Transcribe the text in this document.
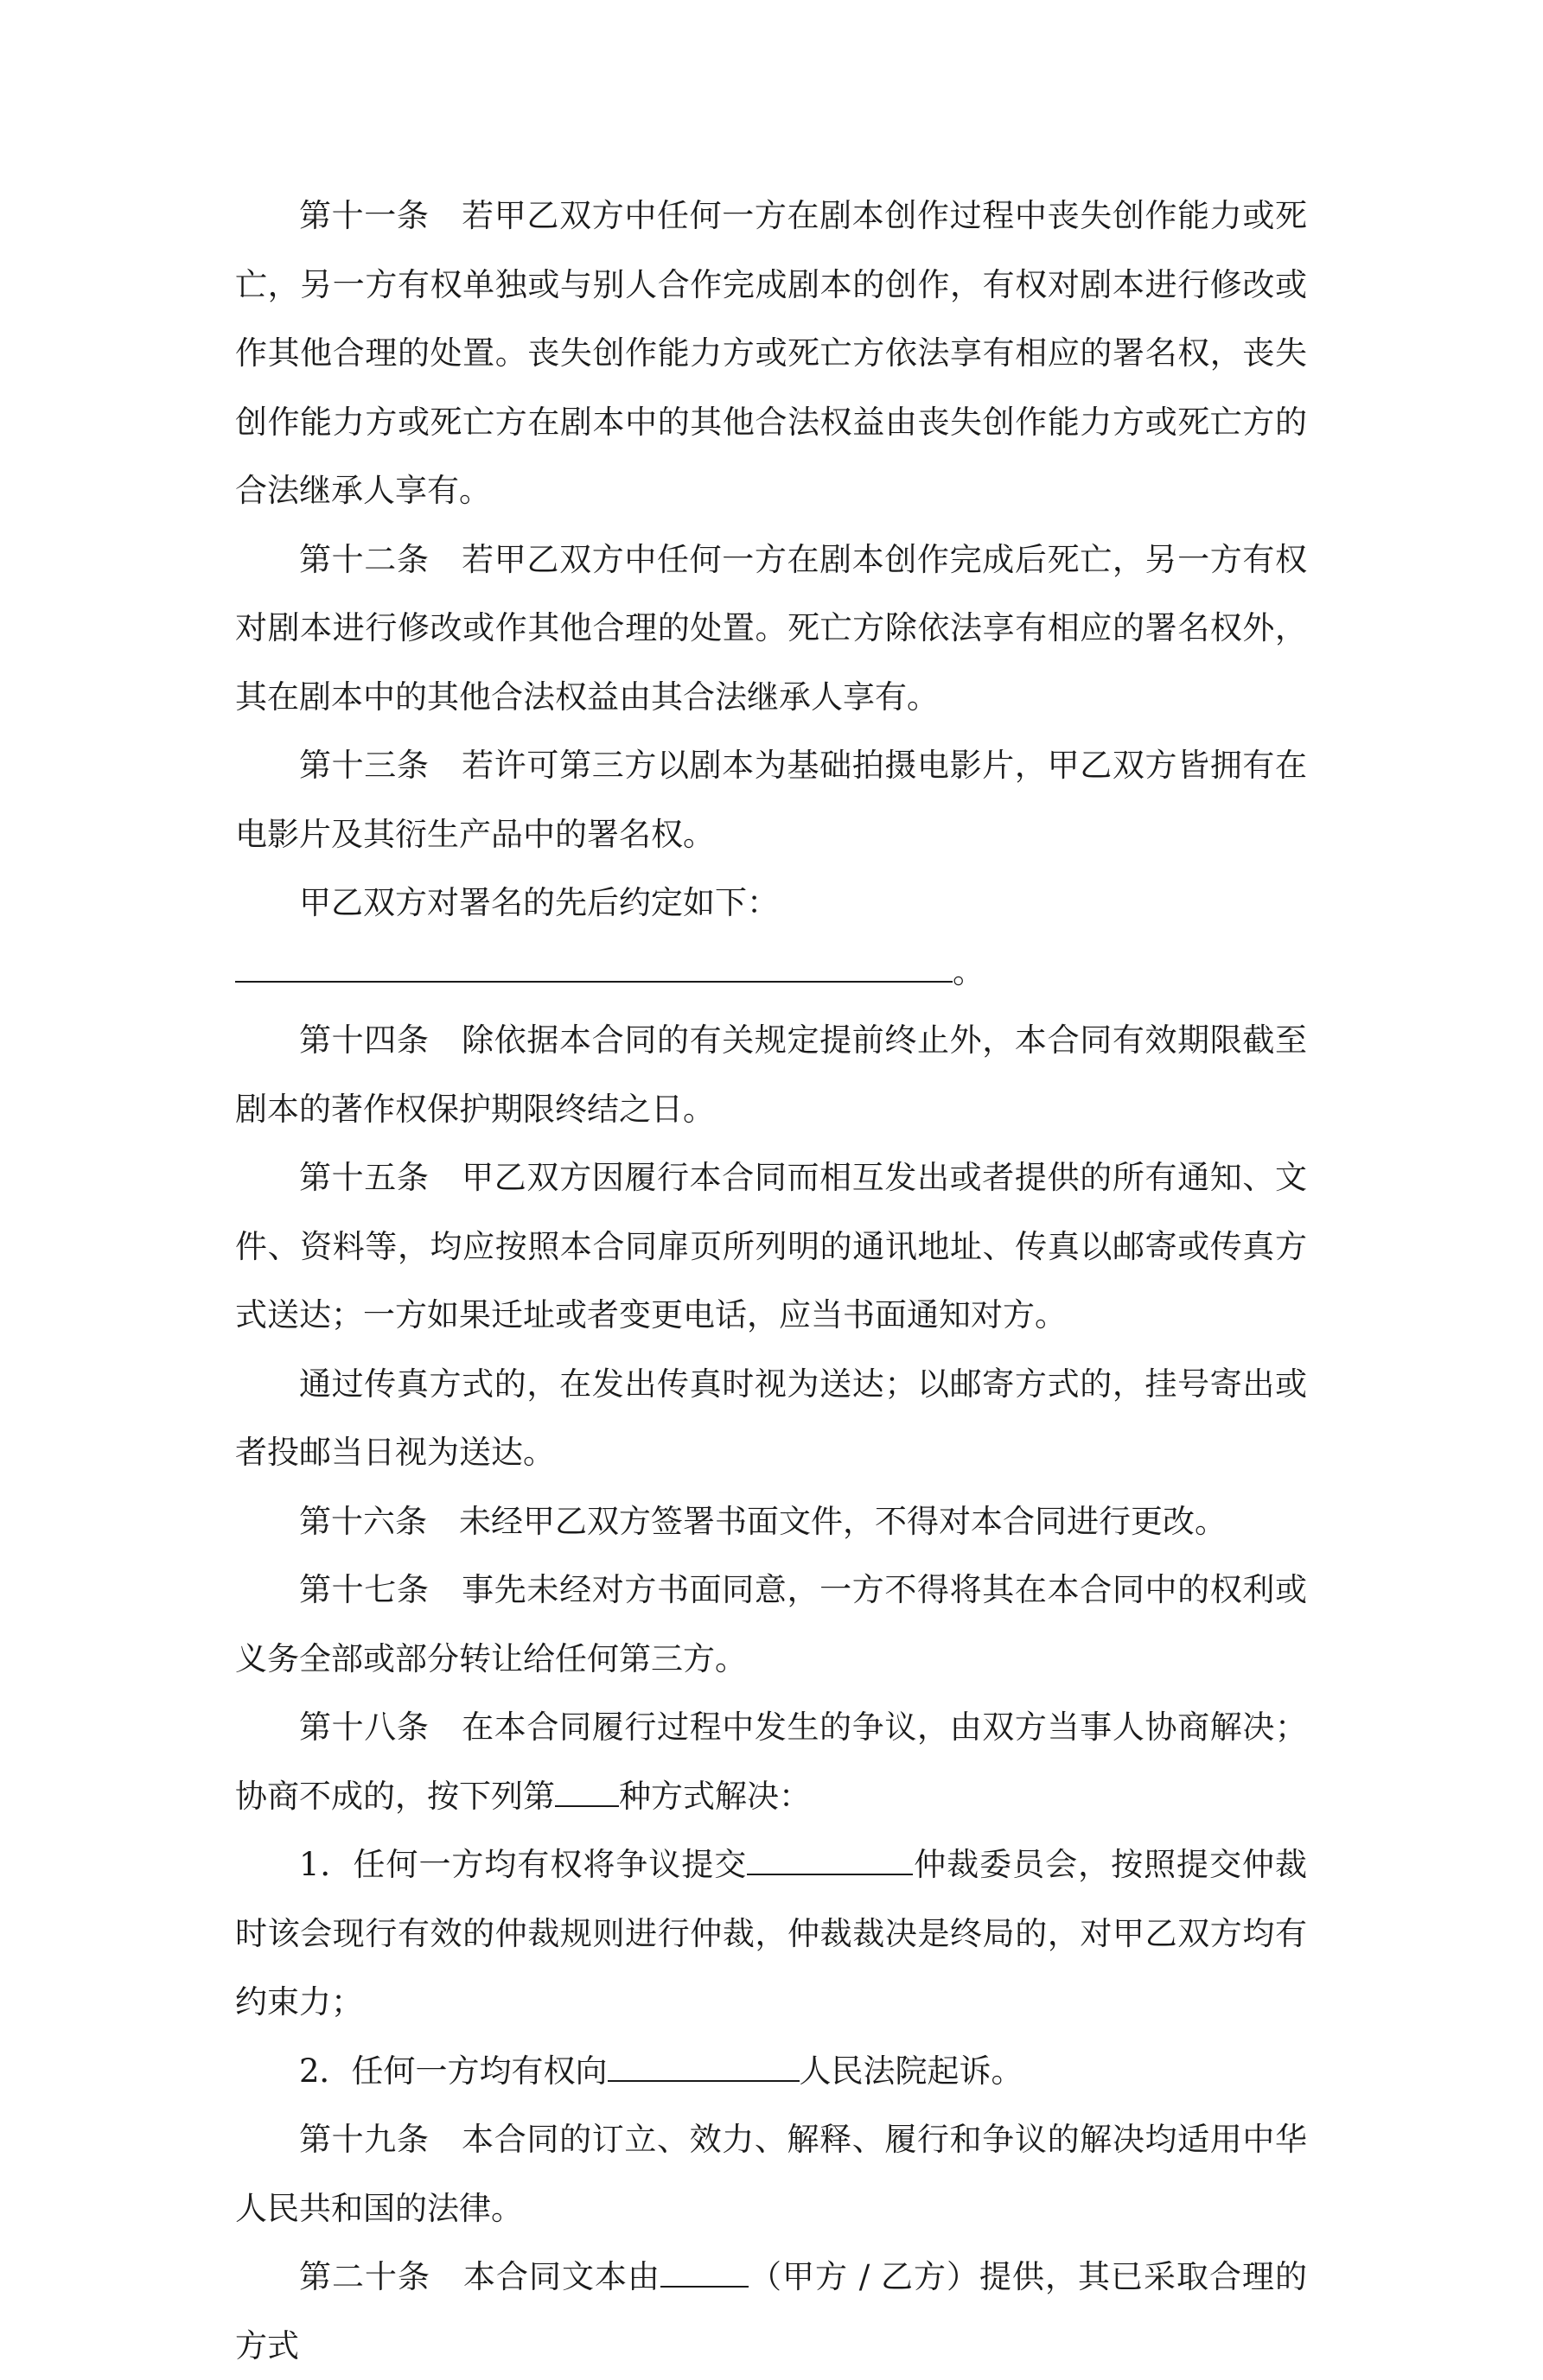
第十一条　若甲乙双方中任何一方在剧本创作过程中丧失创作能力或死亡，另一方有权单独或与别人合作完成剧本的创作，有权对剧本进行修改或作其他合理的处置。丧失创作能力方或死亡方依法享有相应的署名权，丧失创作能力方或死亡方在剧本中的其他合法权益由丧失创作能力方或死亡方的合法继承人享有。

第十二条　若甲乙双方中任何一方在剧本创作完成后死亡，另一方有权对剧本进行修改或作其他合理的处置。死亡方除依法享有相应的署名权外，其在剧本中的其他合法权益由其合法继承人享有。

第十三条　若许可第三方以剧本为基础拍摄电影片，甲乙双方皆拥有在电影片及其衍生产品中的署名权。

甲乙双方对署名的先后约定如下：

。

第十四条　除依据本合同的有关规定提前终止外，本合同有效期限截至剧本的著作权保护期限终结之日。

第十五条　甲乙双方因履行本合同而相互发出或者提供的所有通知、文件、资料等，均应按照本合同扉页所列明的通讯地址、传真以邮寄或传真方式送达；一方如果迁址或者变更电话，应当书面通知对方。

通过传真方式的，在发出传真时视为送达；以邮寄方式的，挂号寄出或者投邮当日视为送达。

第十六条　未经甲乙双方签署书面文件，不得对本合同进行更改。

第十七条　事先未经对方书面同意，一方不得将其在本合同中的权利或义务全部或部分转让给任何第三方。

第十八条　在本合同履行过程中发生的争议，由双方当事人协商解决；协商不成的，按下列第 种方式解决：

1．任何一方均有权将争议提交	仲裁委员会，按照提交仲裁时该会现行有效的仲裁规则进行仲裁，仲裁裁决是终局的，对甲乙双方均有约束力；

2．任何一方均有权向	人民法院起诉。

第十九条　本合同的订立、效力、解释、履行和争议的解决均适用中华人民共和国的法律。

第二十条　本合同文本由	（甲方 / 乙方）提供，其已采取合理的方式
